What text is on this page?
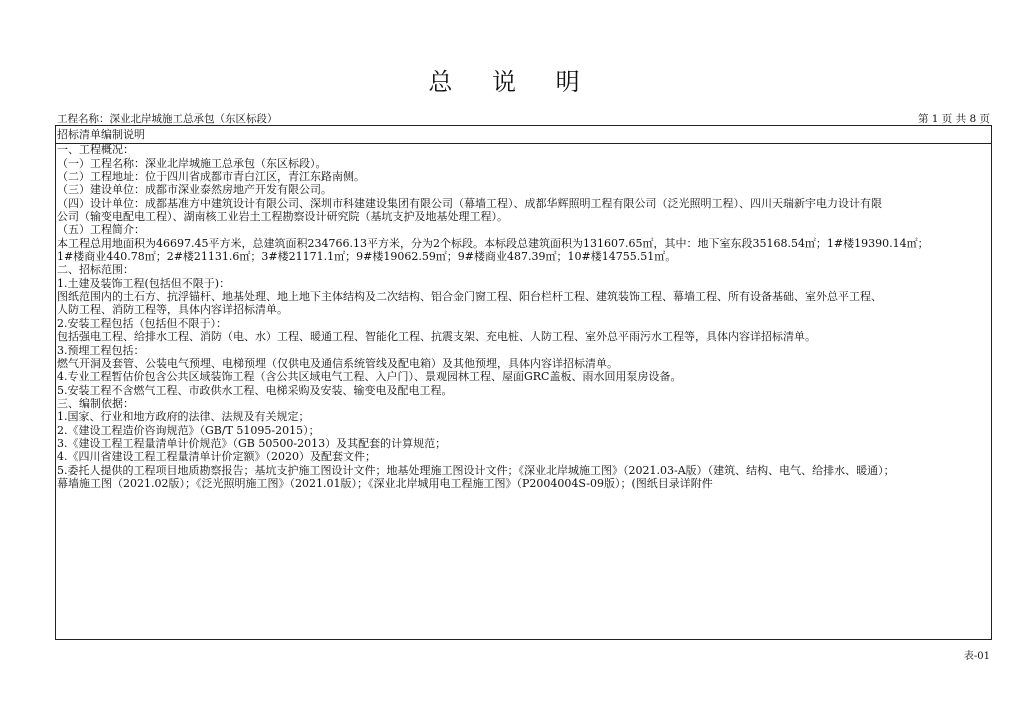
总 说 明
工程名称：深业北岸城施工总承包（东区标段）	第 1 页 共 8 页
招标清单编制说明
一、工程概况：
（一）工程名称：深业北岸城施工总承包（东区标段）。
（二）工程地址：位于四川省成都市青白江区，青江东路南侧。
（三）建设单位：成都市深业泰然房地产开发有限公司。
（四）设计单位：成都基准方中建筑设计有限公司、深圳市科建建设集团有限公司（幕墙工程）、成都华辉照明工程有限公司（泛光照明工程）、四川天瑞新宇电力设计有限
公司（输变电配电工程）、湖南核工业岩土工程勘察设计研究院（基坑支护及地基处理工程）。
（五）工程简介：
本工程总用地面积为46697.45平方米，总建筑面积234766.13平方米，分为2个标段。本标段总建筑面积为131607.65㎡，其中：地下室东段35168.54㎡；1#楼19390.14㎡；
1#楼商业440.78㎡；2#楼21131.6㎡；3#楼21171.1㎡；9#楼19062.59㎡；9#楼商业487.39㎡；10#楼14755.51㎡。
二、招标范围：
1.土建及装饰工程(包括但不限于)：
图纸范围内的土石方、抗浮锚杆、地基处理、地上地下主体结构及二次结构、铝合金门窗工程、阳台栏杆工程、建筑装饰工程、幕墙工程、所有设备基础、室外总平工程、
人防工程、消防工程等，具体内容详招标清单。
2.安装工程包括（包括但不限于）：
包括强电工程、给排水工程、消防（电、水）工程、暖通工程、智能化工程、抗震支架、充电桩、人防工程、室外总平雨污水工程等，具体内容详招标清单。
3.预埋工程包括：
燃气开洞及套管、公装电气预埋、电梯预埋（仅供电及通信系统管线及配电箱）及其他预埋，具体内容详招标清单。
4.专业工程暂估价包含公共区域装饰工程（含公共区域电气工程、入户门）、景观园林工程、屋面GRC盖板、雨水回用泵房设备。
5.安装工程不含燃气工程、市政供水工程、电梯采购及安装、输变电及配电工程。
三、编制依据：
1.国家、行业和地方政府的法律、法规及有关规定；
2.《建设工程造价咨询规范》（GB/T 51095-2015）；
3.《建设工程工程量清单计价规范》（GB 50500-2013）及其配套的计算规范；
4.《四川省建设工程工程量清单计价定额》（2020）及配套文件；
5.委托人提供的工程项目地质勘察报告；基坑支护施工图设计文件；地基处理施工图设计文件；《深业北岸城施工图》（2021.03-A版）（建筑、结构、电气、给排水、暖通）；
幕墙施工图（2021.02版）；《泛光照明施工图》（2021.01版）；《深业北岸城用电工程施工图》（P2004004S-09版）；(图纸目录详附件
表-01
